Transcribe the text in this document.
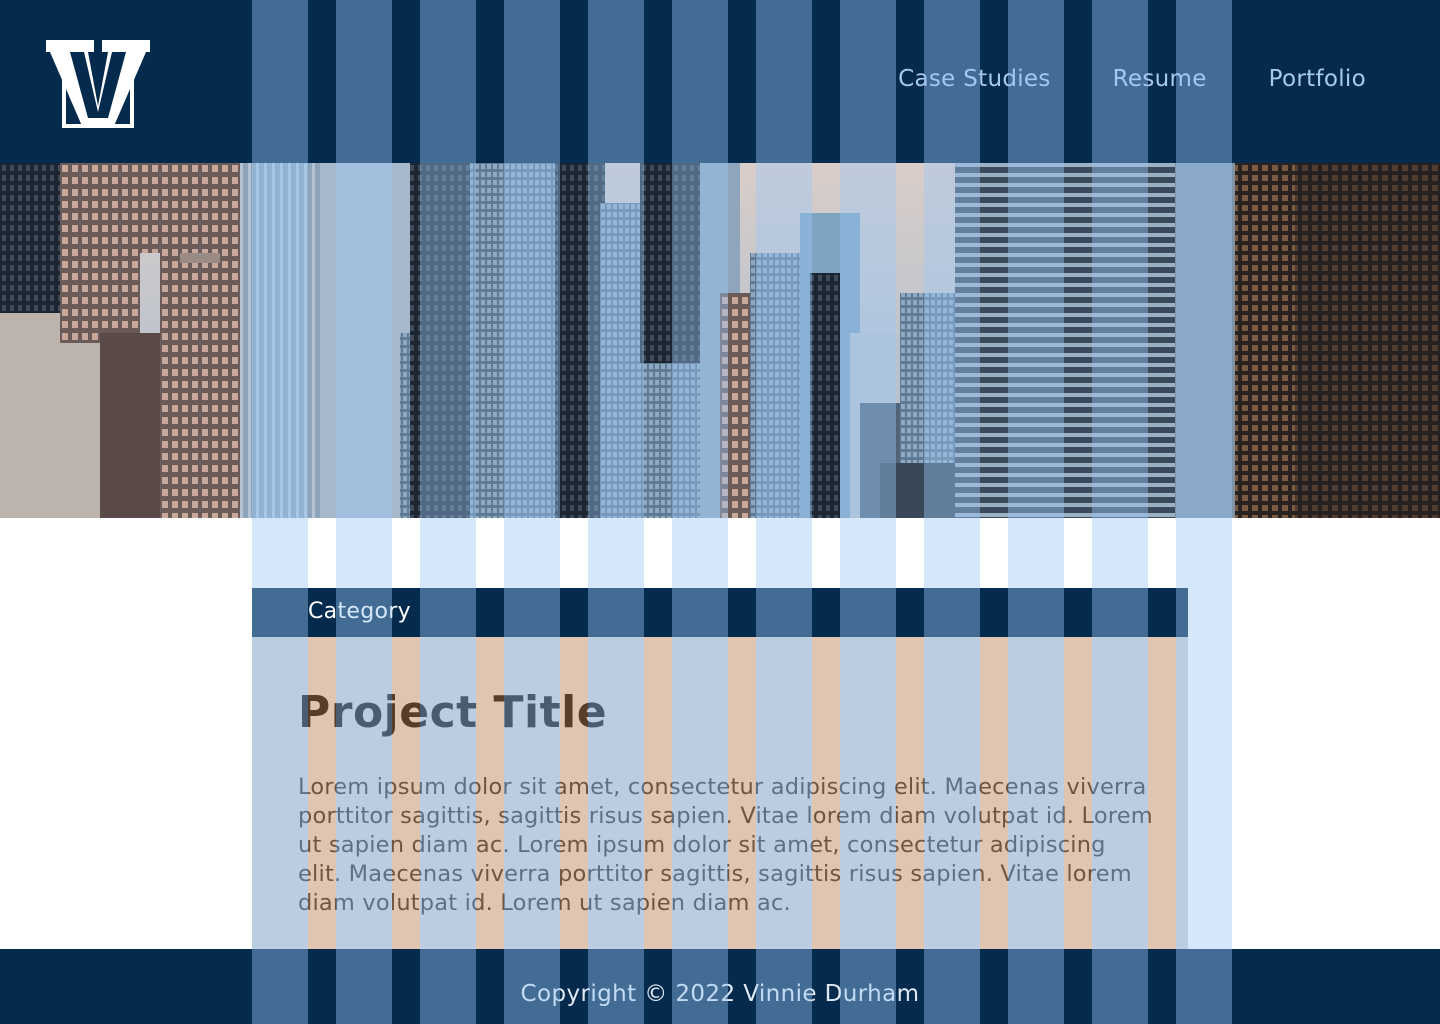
Case Studies	Resume	Portfolio
Category
Project Title

Lorem ipsum dolor sit amet, consectetur adipiscing elit. Maecenas viverra porttitor sagittis, sagittis risus sapien. Vitae lorem diam volutpat id. Lorem ut sapien diam ac. Lorem ipsum dolor sit amet, consectetur adipiscing elit. Maecenas viverra porttitor sagittis, sagittis risus sapien. Vitae lorem diam volutpat id. Lorem ut sapien diam ac.

Copyright © 2022 Vinnie Durham
